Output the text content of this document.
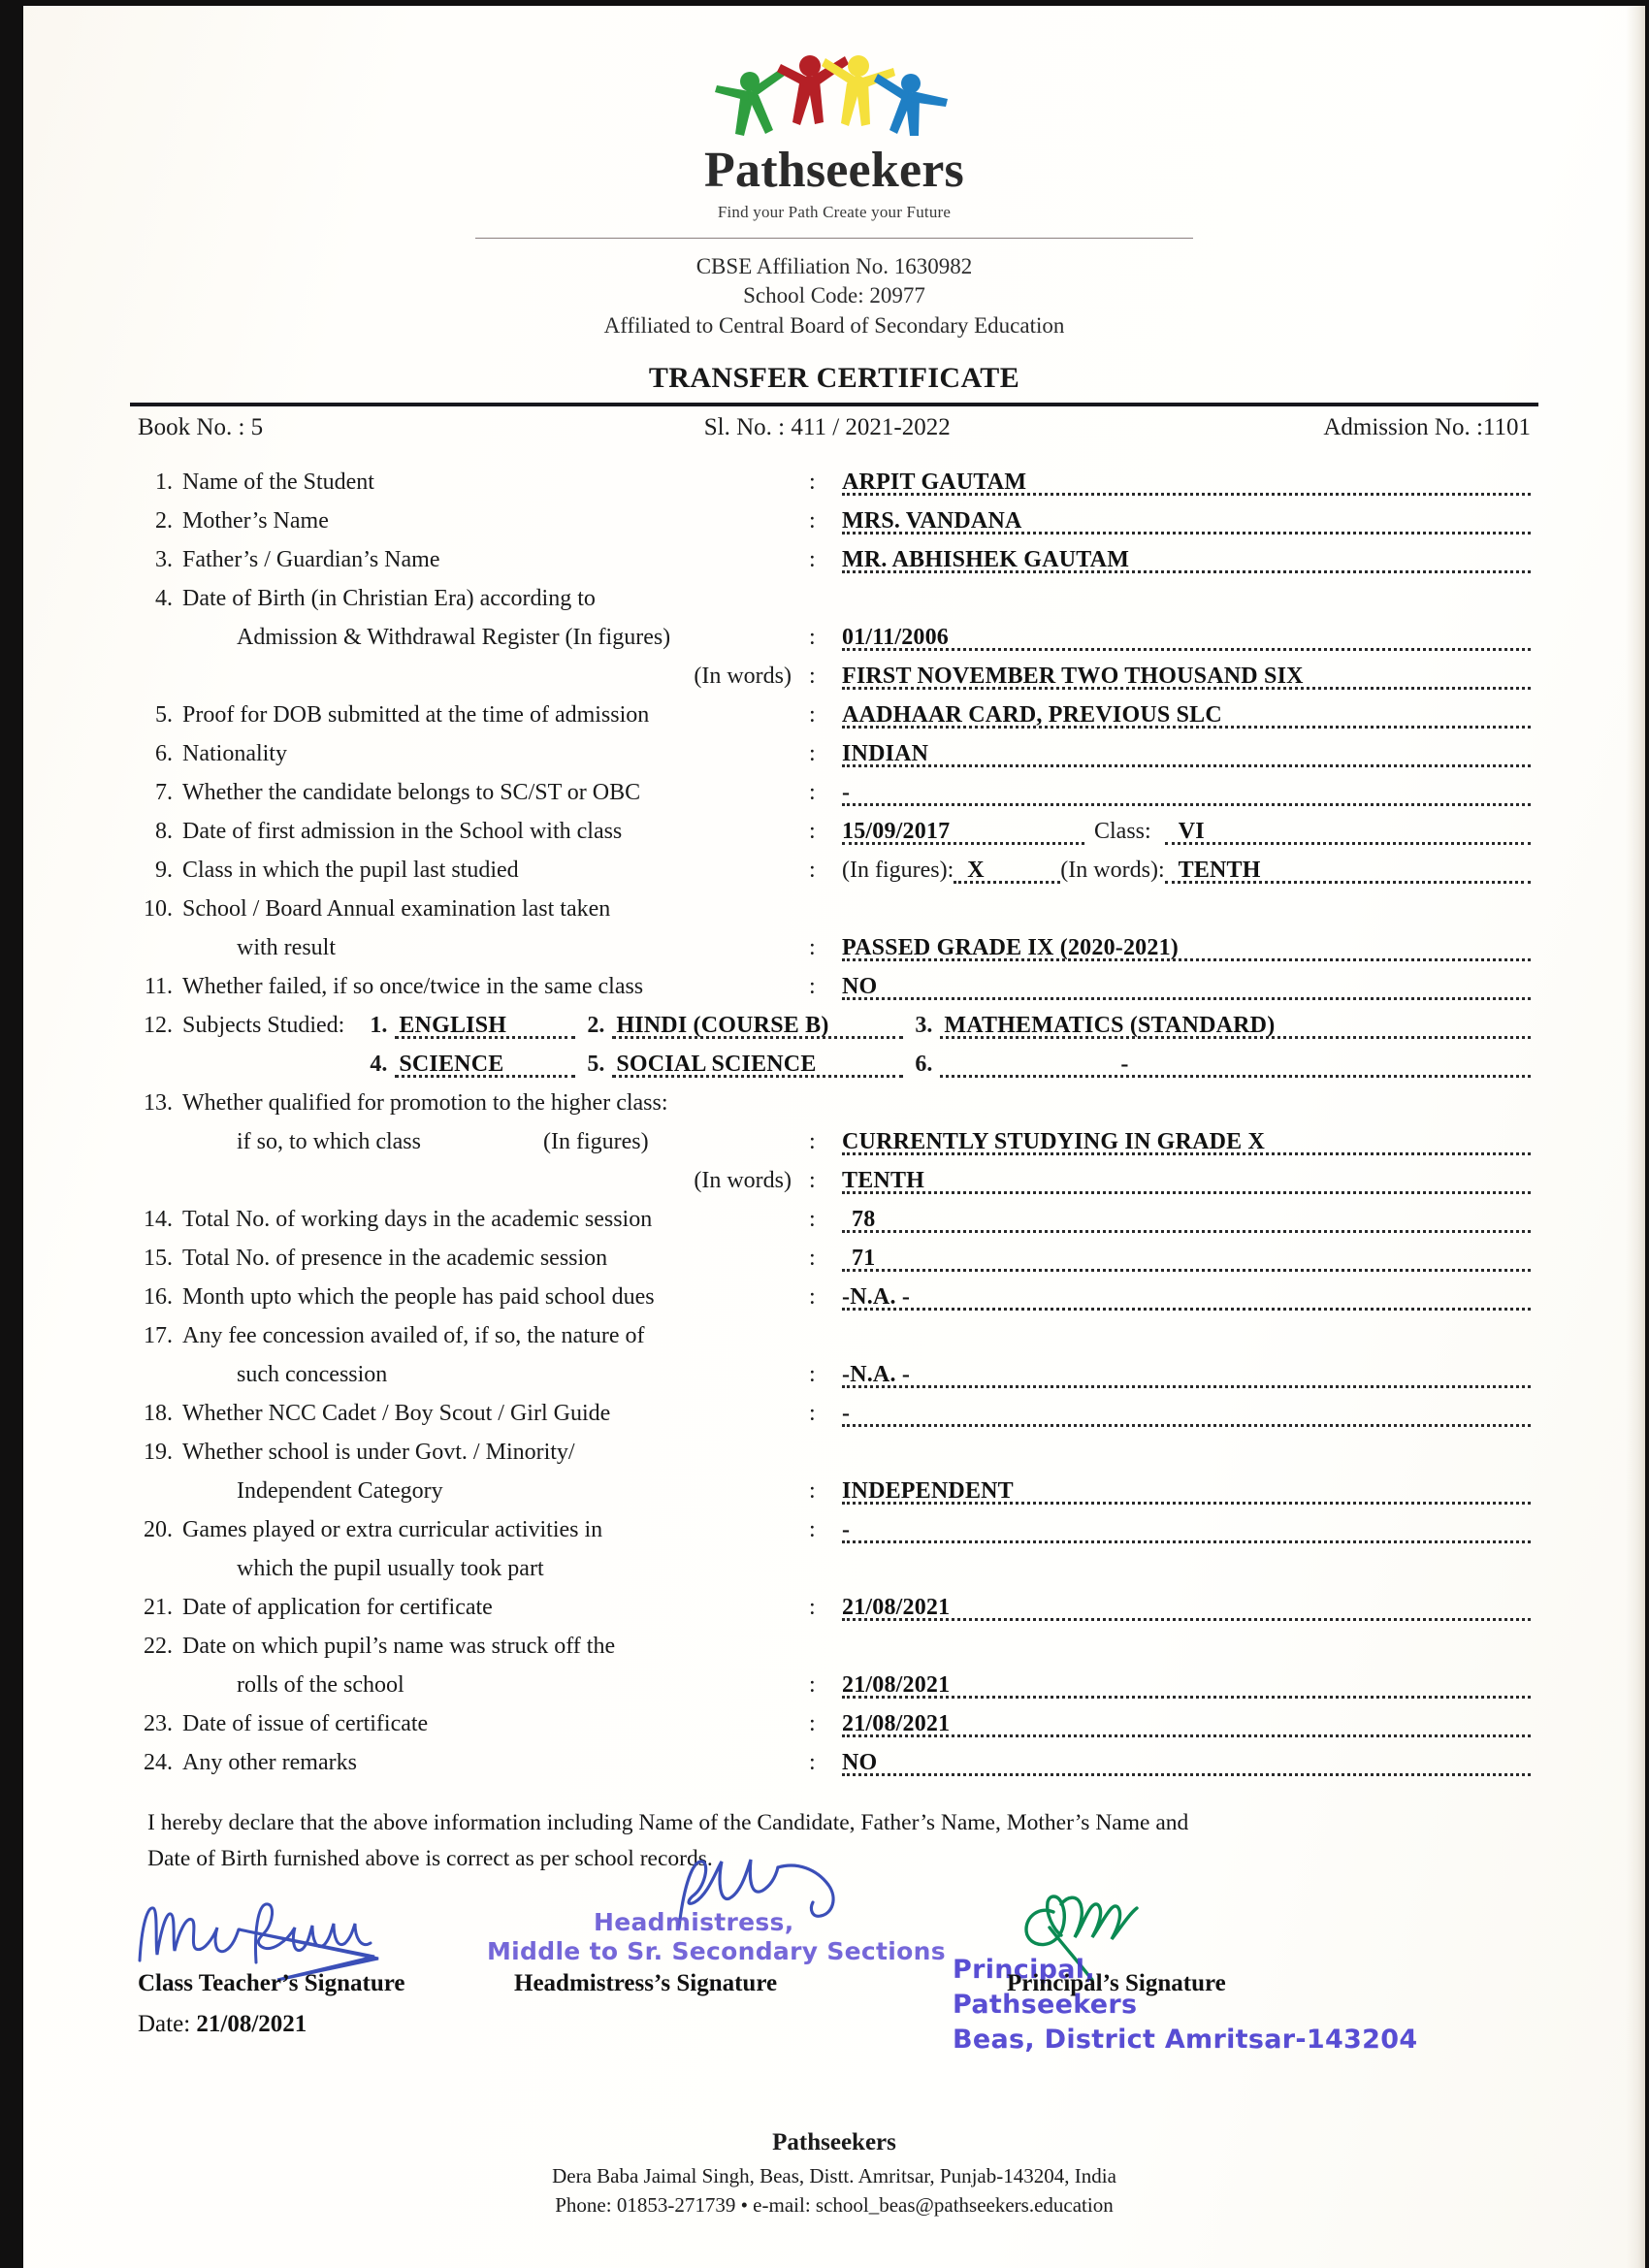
Pathseekers
Find your Path Create your Future
CBSE Affiliation No. 1630982
School Code: 20977
Affiliated to Central Board of Secondary Education
TRANSFER CERTIFICATE
Book No. : 5	Sl. No. : 411 / 2021-2022	Admission No. :1101
1. Name of the Student	:	ARPIT GAUTAM
2. Mother’s Name	:	MRS. VANDANA
3. Father’s / Guardian’s Name	:	MR. ABHISHEK GAUTAM
4. Date of Birth (in Christian Era) according to
Admission & Withdrawal Register (In figures)	:	01/11/2006
(In words) :	FIRST NOVEMBER TWO THOUSAND SIX
5. Proof for DOB submitted at the time of admission	:	AADHAAR CARD, PREVIOUS SLC
6. Nationality	:	INDIAN
7. Whether the candidate belongs to SC/ST or OBC	:	-
8. Date of first admission in the School with class	:	15/09/2017	Class:	VI
9. Class in which the pupil last studied	:	(In figures): X	(In words): TENTH
10. School / Board Annual examination last taken
with result	:	PASSED GRADE IX (2020-2021)
11. Whether failed, if so once/twice in the same class	:	NO
12. Subjects Studied:	1. ENGLISH	2. HINDI (COURSE B)	3. MATHEMATICS (STANDARD)
4. SCIENCE	5. SOCIAL SCIENCE	6.	-
13. Whether qualified for promotion to the higher class:
if so, to which class	(In figures)	:	CURRENTLY STUDYING IN GRADE X
(In words) :	TENTH
14. Total No. of working days in the academic session	:	78
15. Total No. of presence in the academic session	:	71
16. Month upto which the people has paid school dues	:	-N.A. -
17. Any fee concession availed of, if so, the nature of
such concession	:	-N.A. -
18. Whether NCC Cadet / Boy Scout / Girl Guide	:	-
19. Whether school is under Govt. / Minority/
Independent Category	:	INDEPENDENT
20. Games played or extra curricular activities in	:	-
which the pupil usually took part
21. Date of application for certificate	:	21/08/2021
22. Date on which pupil’s name was struck off the
rolls of the school	:	21/08/2021
23. Date of issue of certificate	:	21/08/2021
24. Any other remarks	:	NO
I hereby declare that the above information including Name of the Candidate, Father’s Name, Mother’s Name and
Date of Birth furnished above is correct as per school records.
Class Teacher’s Signature
Date: 21/08/2021
Headmistress,
Middle to Sr. Secondary Sections
Headmistress’s Signature	Principal,
Principal’s Signature
Pathseekers
Beas, District Amritsar-143204
Pathseekers
Dera Baba Jaimal Singh, Beas, Distt. Amritsar, Punjab-143204, India
Phone: 01853-271739 • e-mail: school_beas@pathseekers.education
